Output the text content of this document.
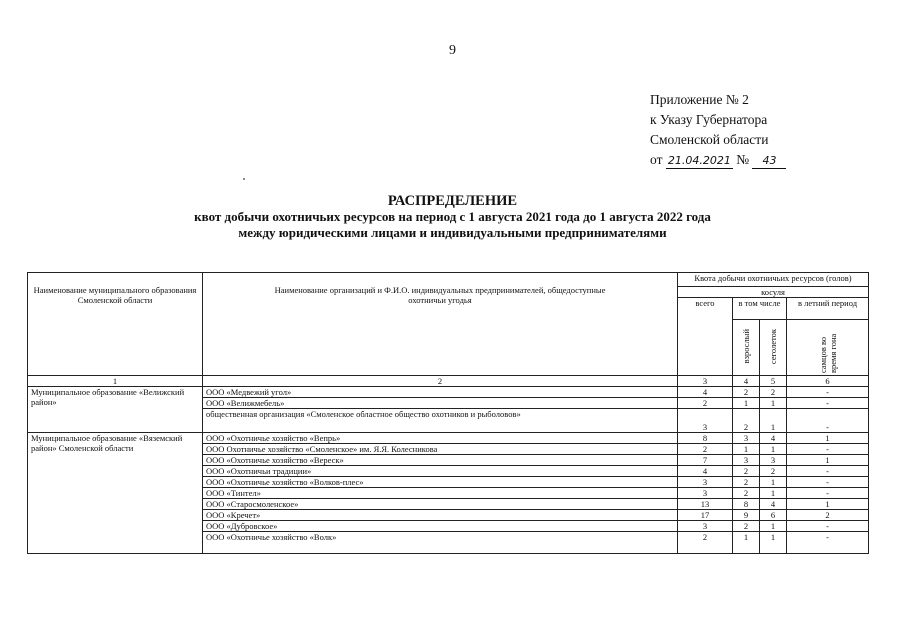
9
Приложение № 2
к Указу Губернатора
Смоленской области
от 21.04.2021 № 43
РАСПРЕДЕЛЕНИЕ
квот добычи охотничьих ресурсов на период с 1 августа 2021 года до 1 августа 2022 года
между юридическими лицами и индивидуальными предпринимателями
Наименование муниципального образования Смоленской области	Наименование организаций и Ф.И.О. индивидуальных предпринимателей, общедоступные охотничьи угодья	Квота добычи охотничьих ресурсов (голов)			
		косуля			
		всего	в том числе		в летний период
			взрослый	сеголеток	самцов во время гона
1	2	3	4	5	6
Муниципальное образование «Велижский район»	ООО «Медвежий угол»	4	2	2	-
	ООО «Велижмебель»	2	1	1	-
	общественная организация «Смоленское областное общество охотников и рыболовов»	3	2	1	-
Муниципальное образование «Вяземский район» Смоленской области	ООО «Охотничье хозяйство «Вепрь»	8	3	4	1
	ООО Охотничье хозяйство «Смоленское» им. Я.Я. Колесникова	2	1	1	-
	ООО «Охотничье хозяйство «Вереск»	7	3	3	1
	ООО «Охотничьи традиции»	4	2	2	-
	ООО «Охотничье хозяйство «Волков-плес»	3	2	1	-
	ООО «Тинтел»	3	2	1	-
	ООО «Старосмоленское»	13	8	4	1
	ООО «Кречет»	17	9	6	2
	ООО «Дубровское»	3	2	1	-
	ООО «Охотничье хозяйство «Волк»	2	1	1	-
